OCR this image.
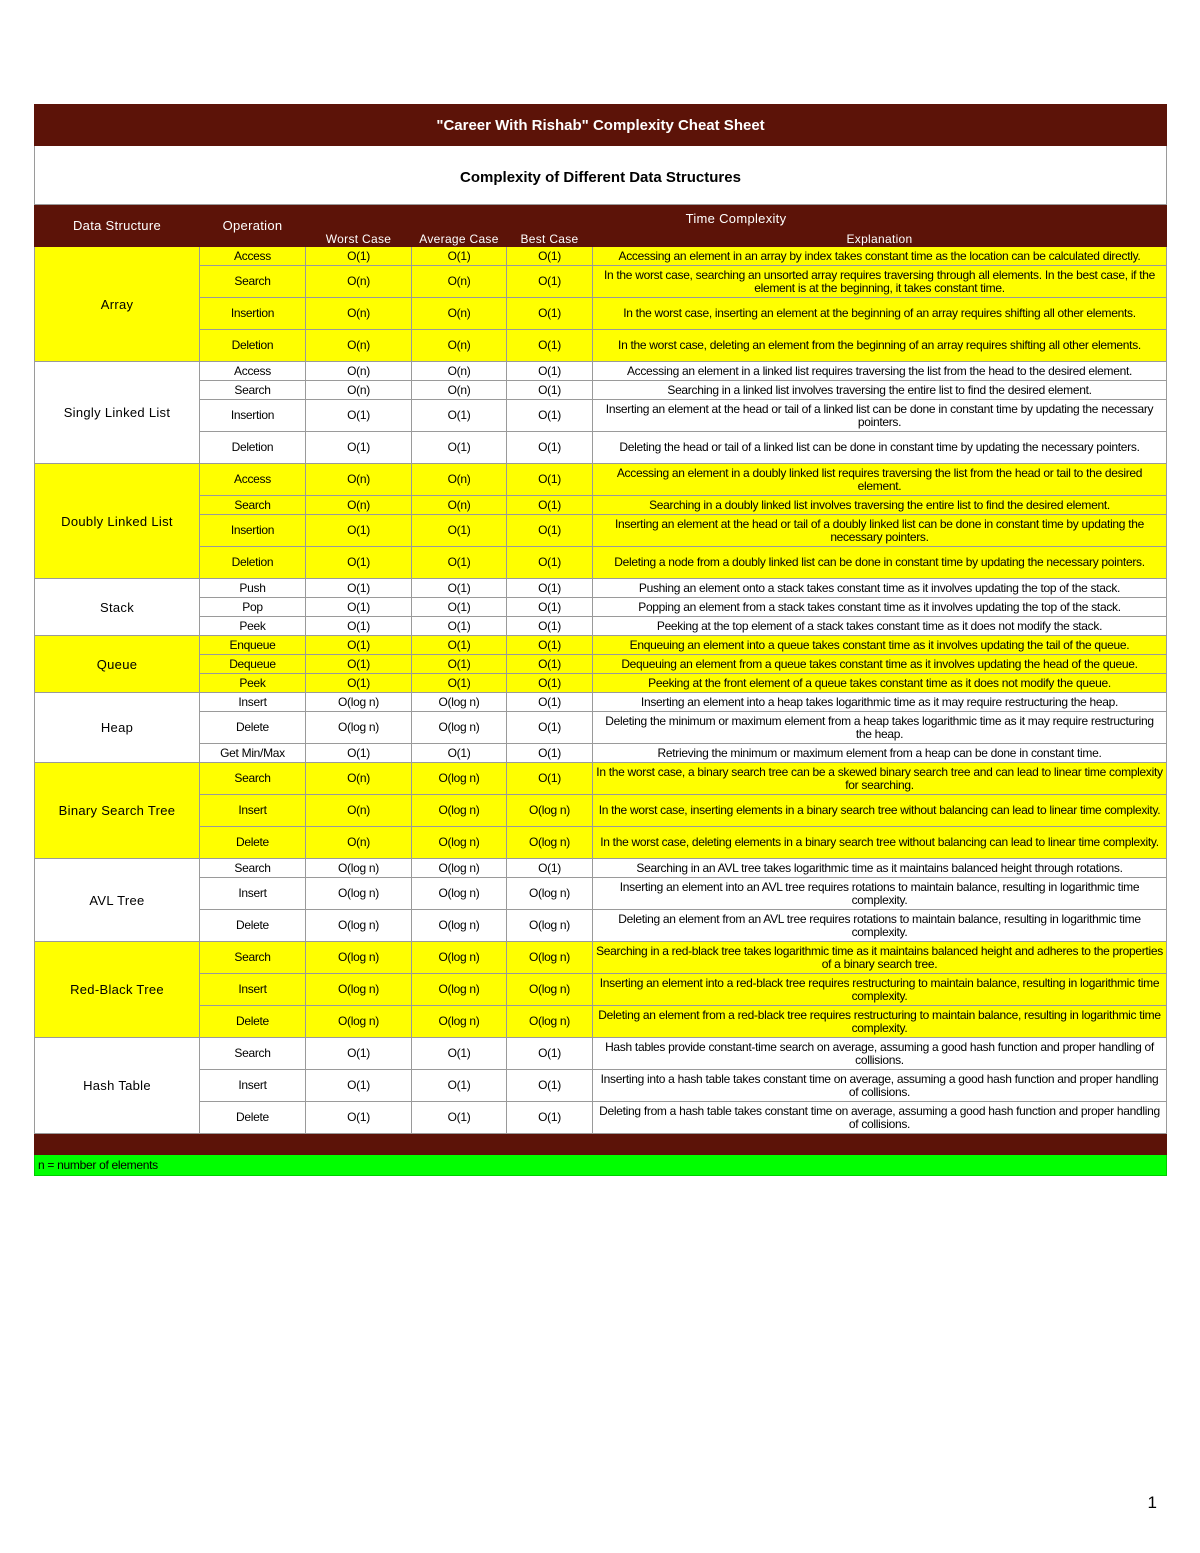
"Career With Rishab" Complexity Cheat Sheet					
Complexity of Different Data Structures					
Data Structure	Operation	Time Complexity			
		Worst Case	Average Case	Best Case	Explanation
Array	Access	O(1)	O(1)	O(1)	Accessing an element in an array by index takes constant time as the location can be calculated directly.
	Search	O(n)	O(n)	O(1)	In the worst case, searching an unsorted array requires traversing through all elements. In the best case, if the element is at the beginning, it takes constant time.
	Insertion	O(n)	O(n)	O(1)	In the worst case, inserting an element at the beginning of an array requires shifting all other elements.
	Deletion	O(n)	O(n)	O(1)	In the worst case, deleting an element from the beginning of an array requires shifting all other elements.
Singly Linked List	Access	O(n)	O(n)	O(1)	Accessing an element in a linked list requires traversing the list from the head to the desired element.
	Search	O(n)	O(n)	O(1)	Searching in a linked list involves traversing the entire list to find the desired element.
	Insertion	O(1)	O(1)	O(1)	Inserting an element at the head or tail of a linked list can be done in constant time by updating the necessary pointers.
	Deletion	O(1)	O(1)	O(1)	Deleting the head or tail of a linked list can be done in constant time by updating the necessary pointers.
Doubly Linked List	Access	O(n)	O(n)	O(1)	Accessing an element in a doubly linked list requires traversing the list from the head or tail to the desired element.
	Search	O(n)	O(n)	O(1)	Searching in a doubly linked list involves traversing the entire list to find the desired element.
	Insertion	O(1)	O(1)	O(1)	Inserting an element at the head or tail of a doubly linked list can be done in constant time by updating the necessary pointers.
	Deletion	O(1)	O(1)	O(1)	Deleting a node from a doubly linked list can be done in constant time by updating the necessary pointers.
Stack	Push	O(1)	O(1)	O(1)	Pushing an element onto a stack takes constant time as it involves updating the top of the stack.
	Pop	O(1)	O(1)	O(1)	Popping an element from a stack takes constant time as it involves updating the top of the stack.
	Peek	O(1)	O(1)	O(1)	Peeking at the top element of a stack takes constant time as it does not modify the stack.
Queue	Enqueue	O(1)	O(1)	O(1)	Enqueuing an element into a queue takes constant time as it involves updating the tail of the queue.
	Dequeue	O(1)	O(1)	O(1)	Dequeuing an element from a queue takes constant time as it involves updating the head of the queue.
	Peek	O(1)	O(1)	O(1)	Peeking at the front element of a queue takes constant time as it does not modify the queue.
Heap	Insert	O(log n)	O(log n)	O(1)	Inserting an element into a heap takes logarithmic time as it may require restructuring the heap.
	Delete	O(log n)	O(log n)	O(1)	Deleting the minimum or maximum element from a heap takes logarithmic time as it may require restructuring the heap.
	Get Min/Max	O(1)	O(1)	O(1)	Retrieving the minimum or maximum element from a heap can be done in constant time.
Binary Search Tree	Search	O(n)	O(log n)	O(1)	In the worst case, a binary search tree can be a skewed binary search tree and can lead to linear time complexity for searching.
	Insert	O(n)	O(log n)	O(log n)	In the worst case, inserting elements in a binary search tree without balancing can lead to linear time complexity.
	Delete	O(n)	O(log n)	O(log n)	In the worst case, deleting elements in a binary search tree without balancing can lead to linear time complexity.
AVL Tree	Search	O(log n)	O(log n)	O(1)	Searching in an AVL tree takes logarithmic time as it maintains balanced height through rotations.
	Insert	O(log n)	O(log n)	O(log n)	Inserting an element into an AVL tree requires rotations to maintain balance, resulting in logarithmic time complexity.
	Delete	O(log n)	O(log n)	O(log n)	Deleting an element from an AVL tree requires rotations to maintain balance, resulting in logarithmic time complexity.
Red-Black Tree	Search	O(log n)	O(log n)	O(log n)	Searching in a red-black tree takes logarithmic time as it maintains balanced height and adheres to the properties of a binary search tree.
	Insert	O(log n)	O(log n)	O(log n)	Inserting an element into a red-black tree requires restructuring to maintain balance, resulting in logarithmic time complexity.
	Delete	O(log n)	O(log n)	O(log n)	Deleting an element from a red-black tree requires restructuring to maintain balance, resulting in logarithmic time complexity.
Hash Table	Search	O(1)	O(1)	O(1)	Hash tables provide constant-time search on average, assuming a good hash function and proper handling of collisions.
	Insert	O(1)	O(1)	O(1)	Inserting into a hash table takes constant time on average, assuming a good hash function and proper handling of collisions.
	Delete	O(1)	O(1)	O(1)	Deleting from a hash table takes constant time on average, assuming a good hash function and proper handling of collisions.

n = number of elements					
1
